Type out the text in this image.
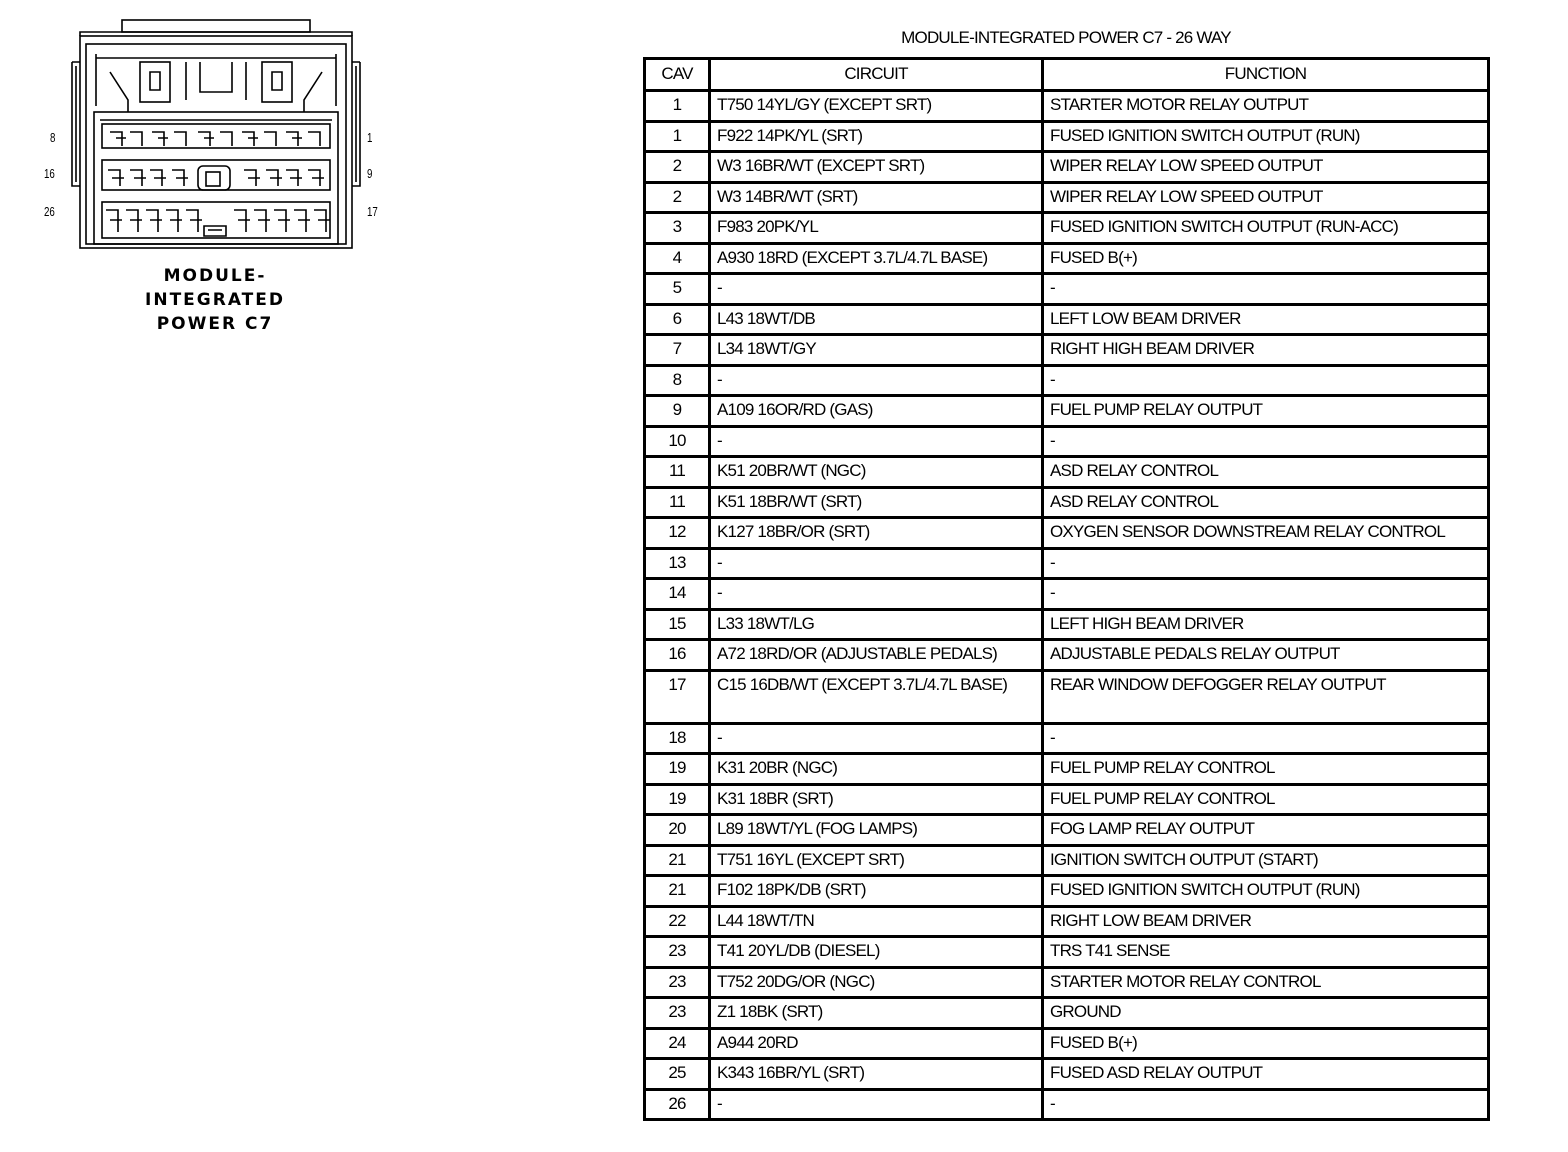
8
16
26
1
9
17
MODULE-
INTEGRATED
POWER C7
MODULE-INTEGRATED POWER C7 - 26 WAY
CAV	CIRCUIT	FUNCTION
1	T750 14YL/GY (EXCEPT SRT)	STARTER MOTOR RELAY OUTPUT
1	F922 14PK/YL (SRT)	FUSED IGNITION SWITCH OUTPUT (RUN)
2	W3 16BR/WT (EXCEPT SRT)	WIPER RELAY LOW SPEED OUTPUT
2	W3 14BR/WT (SRT)	WIPER RELAY LOW SPEED OUTPUT
3	F983 20PK/YL	FUSED IGNITION SWITCH OUTPUT (RUN-ACC)
4	A930 18RD (EXCEPT 3.7L/4.7L BASE)	FUSED B(+)
5	-	-
6	L43 18WT/DB	LEFT LOW BEAM DRIVER
7	L34 18WT/GY	RIGHT HIGH BEAM DRIVER
8	-	-
9	A109 16OR/RD (GAS)	FUEL PUMP RELAY OUTPUT
10	-	-
11	K51 20BR/WT (NGC)	ASD RELAY CONTROL
11	K51 18BR/WT (SRT)	ASD RELAY CONTROL
12	K127 18BR/OR (SRT)	OXYGEN SENSOR DOWNSTREAM RELAY CONTROL
13	-	-
14	-	-
15	L33 18WT/LG	LEFT HIGH BEAM DRIVER
16	A72 18RD/OR (ADJUSTABLE PEDALS)	ADJUSTABLE PEDALS RELAY OUTPUT
17	C15 16DB/WT (EXCEPT 3.7L/4.7L BASE)	REAR WINDOW DEFOGGER RELAY OUTPUT
18	-	-
19	K31 20BR (NGC)	FUEL PUMP RELAY CONTROL
19	K31 18BR (SRT)	FUEL PUMP RELAY CONTROL
20	L89 18WT/YL (FOG LAMPS)	FOG LAMP RELAY OUTPUT
21	T751 16YL (EXCEPT SRT)	IGNITION SWITCH OUTPUT (START)
21	F102 18PK/DB (SRT)	FUSED IGNITION SWITCH OUTPUT (RUN)
22	L44 18WT/TN	RIGHT LOW BEAM DRIVER
23	T41 20YL/DB (DIESEL)	TRS T41 SENSE
23	T752 20DG/OR (NGC)	STARTER MOTOR RELAY CONTROL
23	Z1 18BK (SRT)	GROUND
24	A944 20RD	FUSED B(+)
25	K343 16BR/YL (SRT)	FUSED ASD RELAY OUTPUT
26	-	-
